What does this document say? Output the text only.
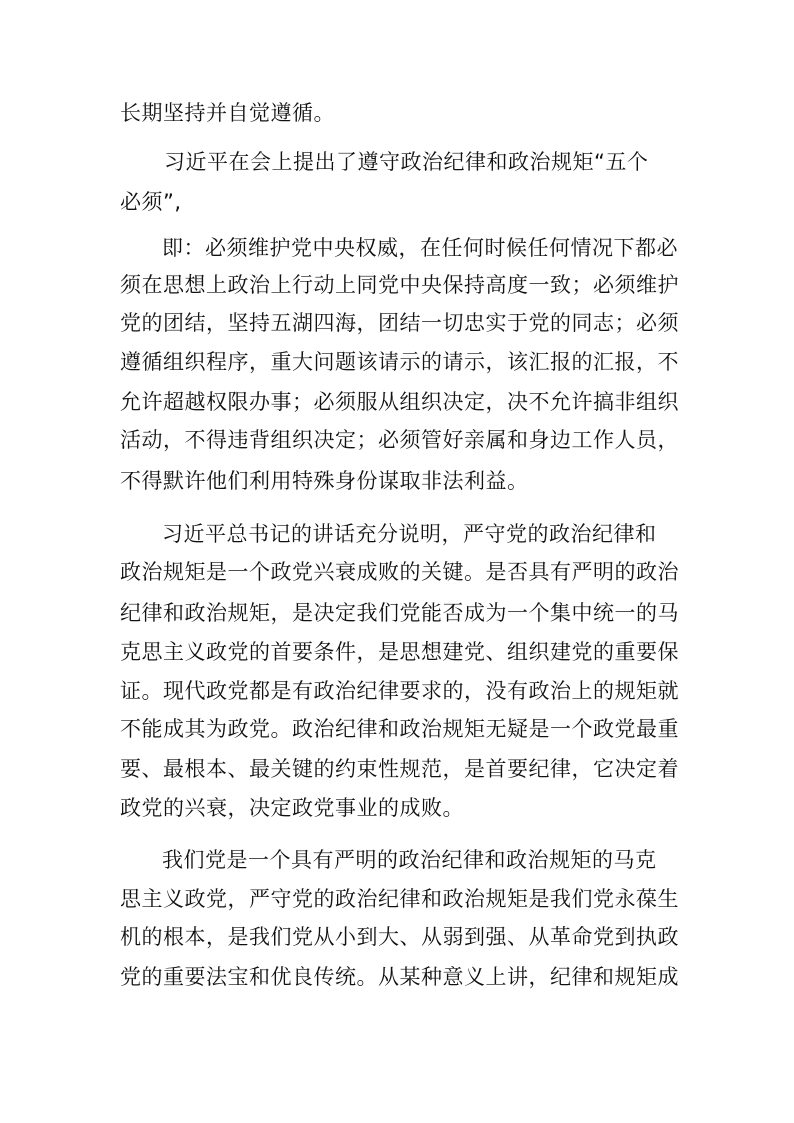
长期坚持并自觉遵循。
习近平在会上提出了遵守政治纪律和政治规矩“五个
必须”,
即：必须维护党中央权威，在任何时候任何情况下都必
须在思想上政治上行动上同党中央保持高度一致；必须维护
党的团结，坚持五湖四海，团结一切忠实于党的同志；必须
遵循组织程序，重大问题该请示的请示，该汇报的汇报，不
允许超越权限办事；必须服从组织决定，决不允许搞非组织
活动，不得违背组织决定；必须管好亲属和身边工作人员，
不得默许他们利用特殊身份谋取非法利益。
习近平总书记的讲话充分说明，严守党的政治纪律和
政治规矩是一个政党兴衰成败的关键。是否具有严明的政治
纪律和政治规矩，是决定我们党能否成为一个集中统一的马
克思主义政党的首要条件，是思想建党、组织建党的重要保
证。现代政党都是有政治纪律要求的，没有政治上的规矩就
不能成其为政党。政治纪律和政治规矩无疑是一个政党最重
要、最根本、最关键的约束性规范，是首要纪律，它决定着
政党的兴衰，决定政党事业的成败。
我们党是一个具有严明的政治纪律和政治规矩的马克
思主义政党，严守党的政治纪律和政治规矩是我们党永葆生
机的根本，是我们党从小到大、从弱到强、从革命党到执政
党的重要法宝和优良传统。从某种意义上讲，纪律和规矩成
